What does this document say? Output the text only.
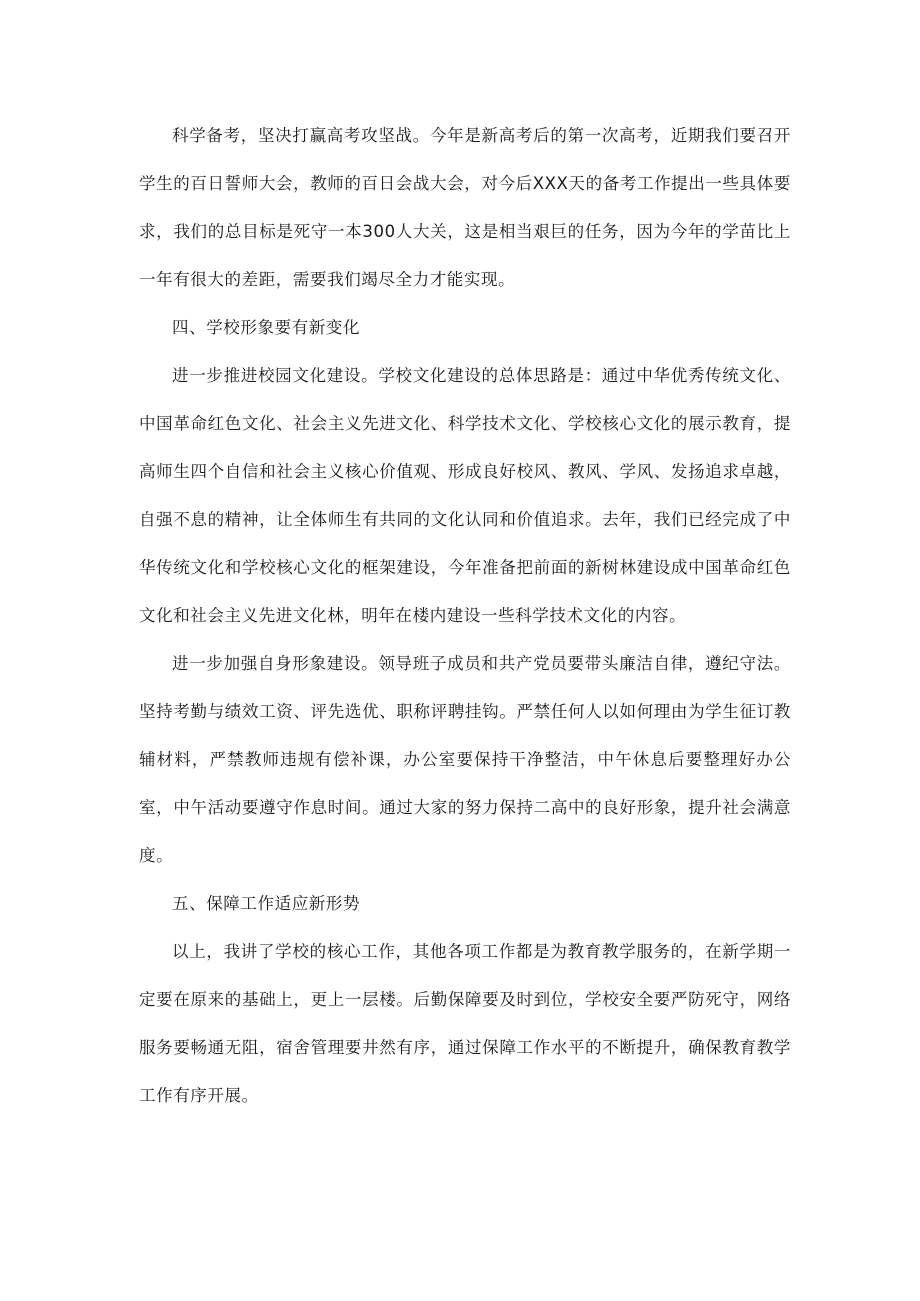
科学备考，坚决打赢高考攻坚战。今年是新高考后的第一次高考，近期我们要召开学生的百日誓师大会，教师的百日会战大会，对今后XXX天的备考工作提出一些具体要求，我们的总目标是死守一本300人大关，这是相当艰巨的任务，因为今年的学苗比上一年有很大的差距，需要我们竭尽全力才能实现。

四、学校形象要有新变化

进一步推进校园文化建设。学校文化建设的总体思路是：通过中华优秀传统文化、中国革命红色文化、社会主义先进文化、科学技术文化、学校核心文化的展示教育，提高师生四个自信和社会主义核心价值观、形成良好校风、教风、学风、发扬追求卓越，自强不息的精神，让全体师生有共同的文化认同和价值追求。去年，我们已经完成了中华传统文化和学校核心文化的框架建设，今年准备把前面的新树林建设成中国革命红色文化和社会主义先进文化林，明年在楼内建设一些科学技术文化的内容。

进一步加强自身形象建设。领导班子成员和共产党员要带头廉洁自律，遵纪守法。坚持考勤与绩效工资、评先选优、职称评聘挂钩。严禁任何人以如何理由为学生征订教辅材料，严禁教师违规有偿补课，办公室要保持干净整洁，中午休息后要整理好办公室，中午活动要遵守作息时间。通过大家的努力保持二高中的良好形象，提升社会满意度。

五、保障工作适应新形势

以上，我讲了学校的核心工作，其他各项工作都是为教育教学服务的，在新学期一定要在原来的基础上，更上一层楼。后勤保障要及时到位，学校安全要严防死守，网络服务要畅通无阻，宿舍管理要井然有序，通过保障工作水平的不断提升，确保教育教学工作有序开展。
